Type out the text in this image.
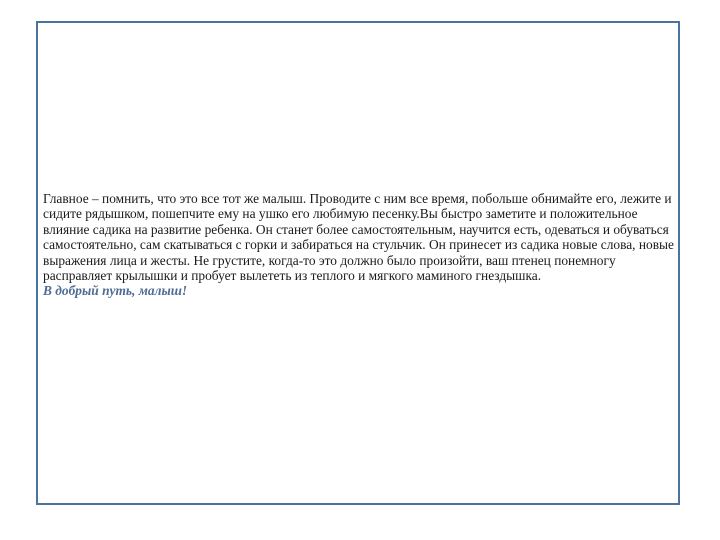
Главное – помнить, что это все тот же малыш. Проводите с ним все время, побольше обнимайте его, лежите и сидите рядышком, пошепчите ему на ушко его любимую песенку.Вы быстро заметите и положительное влияние садика на развитие ребенка. Он станет более самостоятельным, научится есть, одеваться и обуваться самостоятельно, сам скатываться с горки и забираться на стульчик. Он принесет из садика новые слова, новые выражения лица и жесты. Не грустите, когда-то это должно было произойти, ваш птенец понемногу расправляет крылышки и пробует вылететь из теплого и мягкого маминого гнездышка.

В добрый путь, малыш!
